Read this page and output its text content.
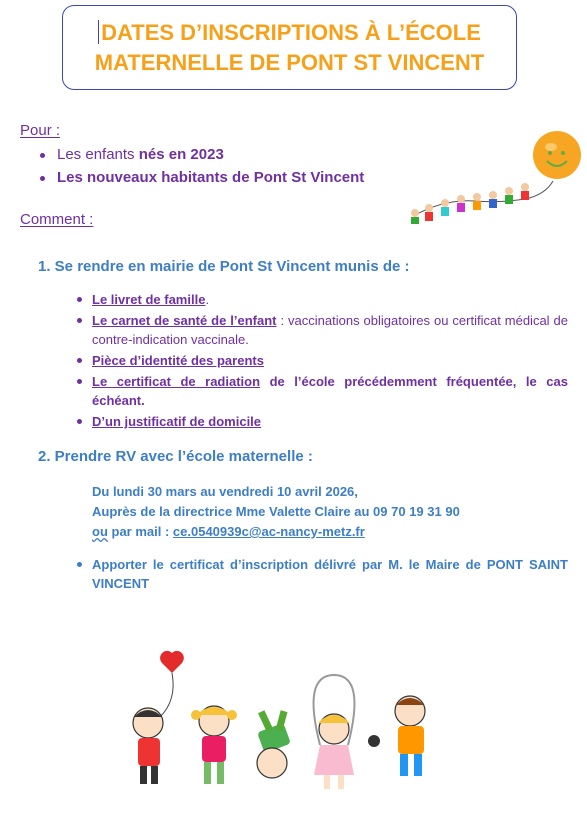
DATES D’INSCRIPTIONS À L’ÉCOLE
MATERNELLE DE PONT ST VINCENT
Pour :
Les enfants nés en 2023
Les nouveaux habitants de Pont St Vincent
Comment :
1. Se rendre en mairie de Pont St Vincent munis de :
Le livret de famille.
Le carnet de santé de l’enfant : vaccinations obligatoires ou certificat médical de contre-indication vaccinale.
Pièce d’identité des parents
Le certificat de radiation de l’école précédemment fréquentée, le cas échéant.
D’un justificatif de domicile
2. Prendre RV avec l’école maternelle :
Du lundi 30 mars au vendredi 10 avril 2026,
Auprès de la directrice Mme Valette Claire au 09 70 19 31 90
ou par mail : ce.0540939c@ac-nancy-metz.fr
Apporter le certificat d’inscription délivré par M. le Maire de PONT SAINT VINCENT
